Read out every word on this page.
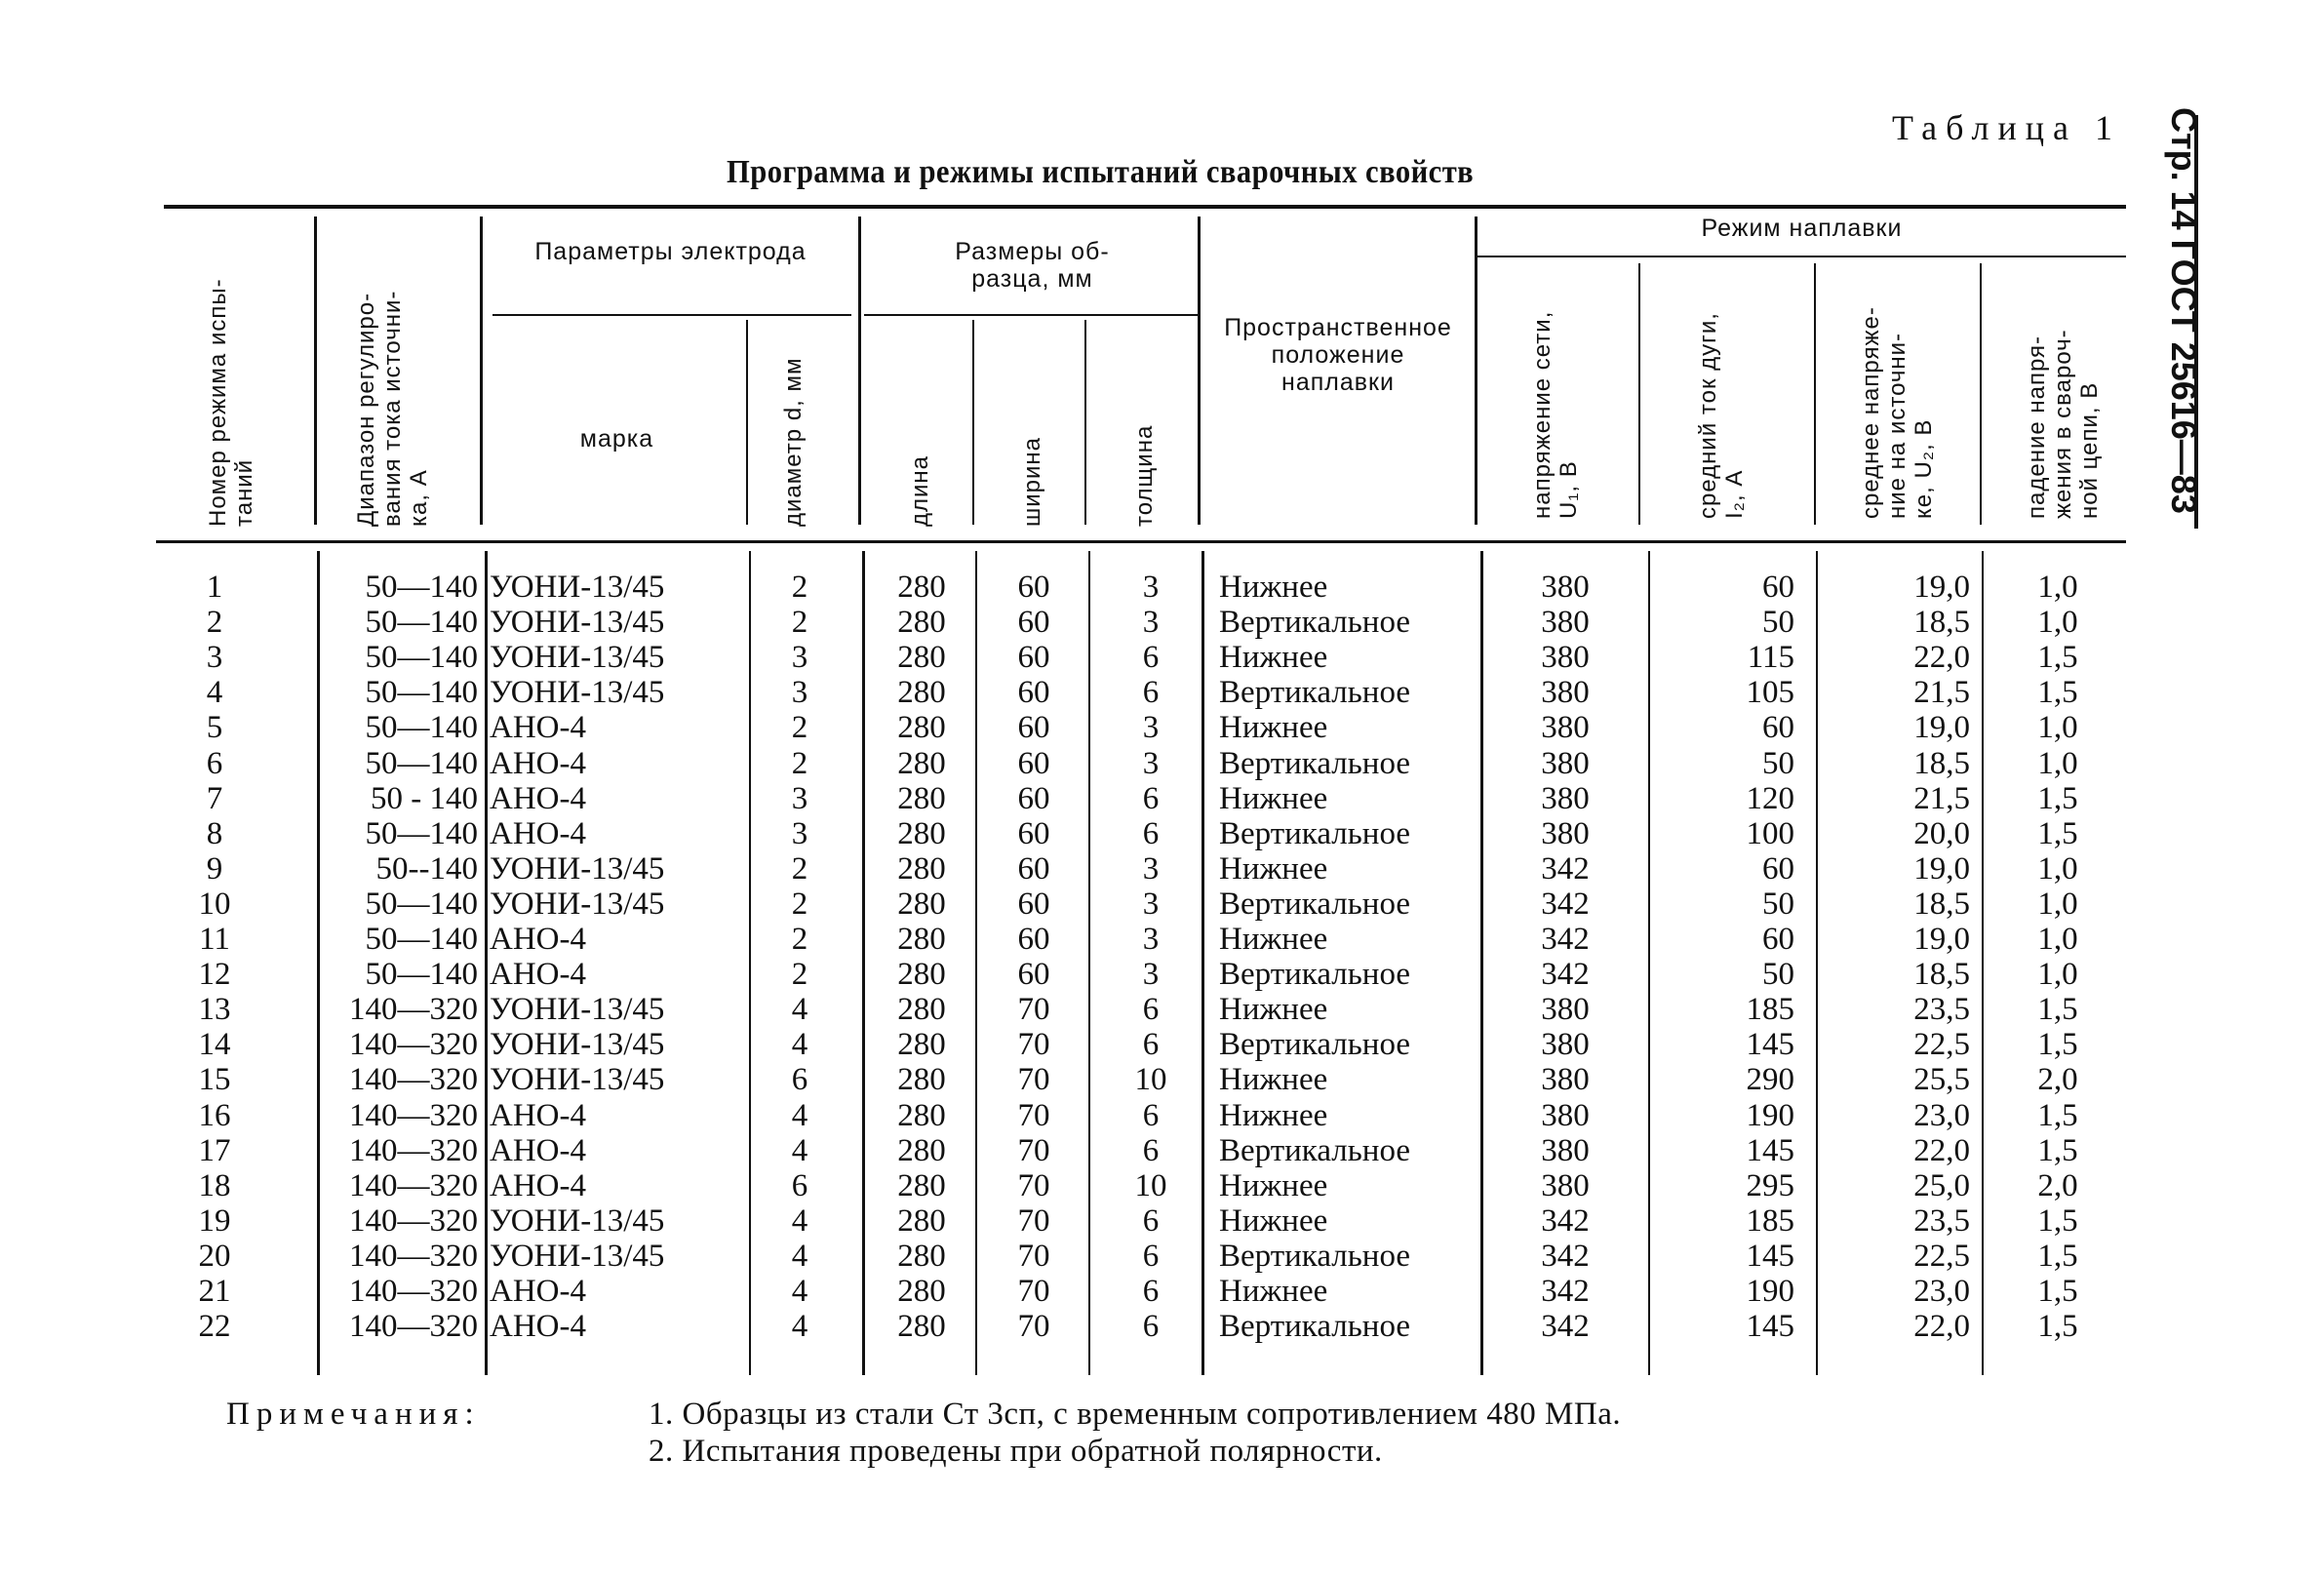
Стр. 14 ГОСТ 25616—83
Таблица 1
Программа и режимы испытаний сварочных свойств
Номер режима испы-
таний	Диапазон регулиро-
вания тока источни-
ка, А
Параметры электрода
марка	диаметр d, мм
Размеры об-
разца, мм
длина	ширина	толщина
Пространственное
положение
наплавки
Режим наплавки
напряжение сети,
U₁, В	средний ток дуги,
I₂, А	среднее напряже-
ние на источни-
ке, U₂, В	падение напря-
жения в свароч-
ной цепи, В
1	50—140 УОНИ-13/45	2	280	60	3	Нижнее	380	60	19,0	1,0
2	50—140 УОНИ-13/45	2	280	60	3	Вертикальное	380	50	18,5	1,0
3	50—140 УОНИ-13/45	3	280	60	6	Нижнее	380	115	22,0	1,5
4	50—140 УОНИ-13/45	3	280	60	6	Вертикальное	380	105	21,5	1,5
5	50—140 АНО-4	2	280	60	3	Нижнее	380	60	19,0	1,0
6	50—140 АНО-4	2	280	60	3	Вертикальное	380	50	18,5	1,0
7	50 - 140 АНО-4	3	280	60	6	Нижнее	380	120	21,5	1,5
8	50—140 АНО-4	3	280	60	6	Вертикальное	380	100	20,0	1,5
9	50--140 УОНИ-13/45	2	280	60	3	Нижнее	342	60	19,0	1,0
10	50—140 УОНИ-13/45	2	280	60	3	Вертикальное	342	50	18,5	1,0
11	50—140 АНО-4	2	280	60	3	Нижнее	342	60	19,0	1,0
12	50—140 АНО-4	2	280	60	3	Вертикальное	342	50	18,5	1,0
13	140—320 УОНИ-13/45	4	280	70	6	Нижнее	380	185	23,5	1,5
14	140—320 УОНИ-13/45	4	280	70	6	Вертикальное	380	145	22,5	1,5
15	140—320 УОНИ-13/45	6	280	70	10	Нижнее	380	290	25,5	2,0
16	140—320 АНО-4	4	280	70	6	Нижнее	380	190	23,0	1,5
17	140—320 АНО-4	4	280	70	6	Вертикальное	380	145	22,0	1,5
18	140—320 АНО-4	6	280	70	10	Нижнее	380	295	25,0	2,0
19	140—320 УОНИ-13/45	4	280	70	6	Нижнее	342	185	23,5	1,5
20	140—320 УОНИ-13/45	4	280	70	6	Вертикальное	342	145	22,5	1,5
21	140—320 АНО-4	4	280	70	6	Нижнее	342	190	23,0	1,5
22	140—320 АНО-4	4	280	70	6	Вертикальное	342	145	22,0	1,5
Примечания:	1. Образцы из стали Ст 3сп, с временным сопротивлением 480 МПа.
2. Испытания проведены при обратной полярности.
